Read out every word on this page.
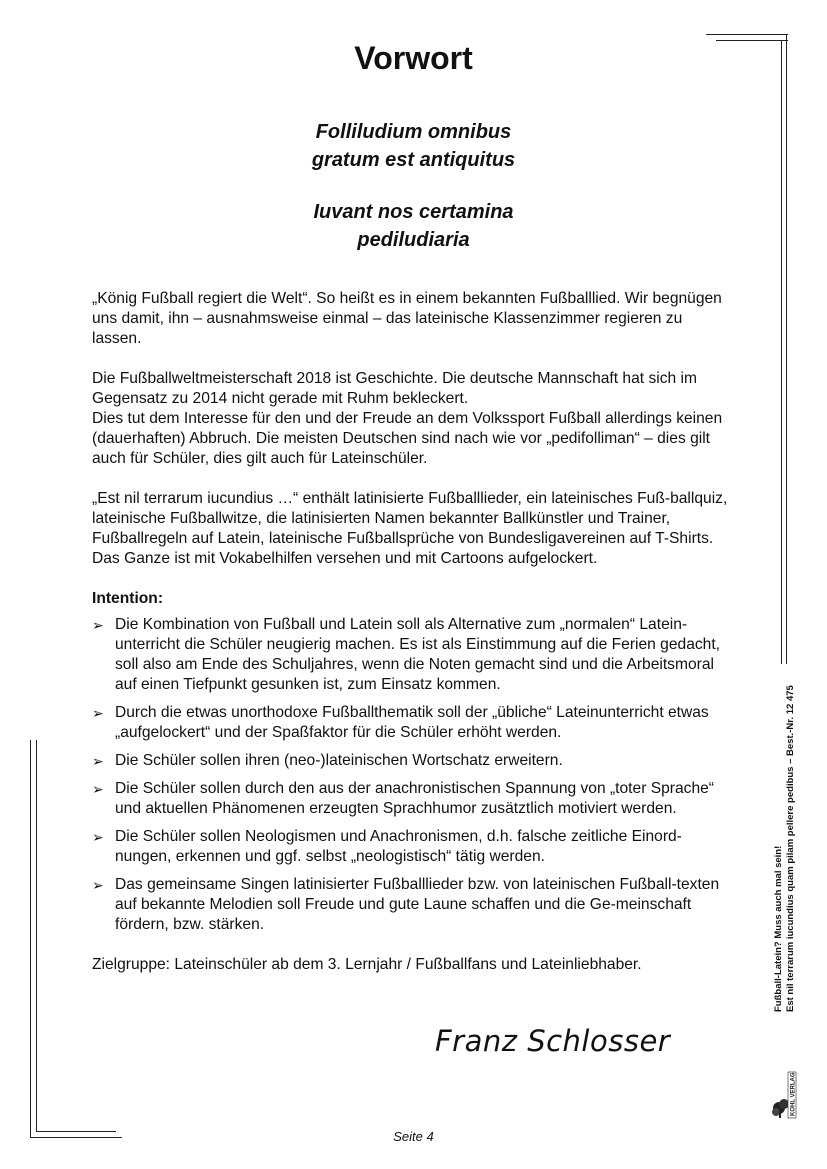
Vorwort
Folliludium omnibus
gratum est antiquitus
Iuvant nos certamina
pediludiaria

„König Fußball regiert die Welt“. So heißt es in einem bekannten Fußballlied. Wir begnügen uns damit, ihn – ausnahmsweise einmal – das lateinische Klassenzimmer regieren zu lassen.

Die Fußballweltmeisterschaft 2018 ist Geschichte. Die deutsche Mannschaft hat sich im Gegensatz zu 2014 nicht gerade mit Ruhm bekleckert.
Dies tut dem Interesse für den und der Freude an dem Volkssport Fußball allerdings keinen (dauerhaften) Abbruch. Die meisten Deutschen sind nach wie vor „pedifolliman“ – dies gilt auch für Schüler, dies gilt auch für Lateinschüler.

„Est nil terrarum iucundius …“ enthält latinisierte Fußballlieder, ein lateinisches Fuß-ballquiz, lateinische Fußballwitze, die latinisierten Namen bekannter Ballkünstler und Trainer, Fußballregeln auf Latein, lateinische Fußballsprüche von Bundesligavereinen auf T-Shirts. Das Ganze ist mit Vokabelhilfen versehen und mit Cartoons aufgelockert.

Intention:

➢ Die Kombination von Fußball und Latein soll als Alternative zum „normalen“ Latein-unterricht die Schüler neugierig machen. Es ist als Einstimmung auf die Ferien gedacht, soll also am Ende des Schuljahres, wenn die Noten gemacht sind und die Arbeitsmoral auf einen Tiefpunkt gesunken ist, zum Einsatz kommen.
➢ Durch die etwas unorthodoxe Fußballthematik soll der „übliche“ Lateinunterricht etwas „aufgelockert“ und der Spaßfaktor für die Schüler erhöht werden.
➢ Die Schüler sollen ihren (neo-)lateinischen Wortschatz erweitern.
➢ Die Schüler sollen durch den aus der anachronistischen Spannung von „toter Sprache“ und aktuellen Phänomenen erzeugten Sprachhumor zusätztlich motiviert werden.
➢ Die Schüler sollen Neologismen und Anachronismen, d.h. falsche zeitliche Einord-nungen, erkennen und ggf. selbst „neologistisch“ tätig werden.
➢ Das gemeinsame Singen latinisierter Fußballlieder bzw. von lateinischen Fußball-texten auf bekannte Melodien soll Freude und gute Laune schaffen und die Ge-meinschaft fördern, bzw. stärken.

Zielgruppe: Lateinschüler ab dem 3. Lernjahr / Fußballfans und Lateinliebhaber.

Franz Schlosser
Fußball-Latein? Muss auch mal sein! Est nil terrarum iucundius quam pilam pellere pedibus – Best.-Nr. 12 475
KOHL VERLAG
Seite 4
